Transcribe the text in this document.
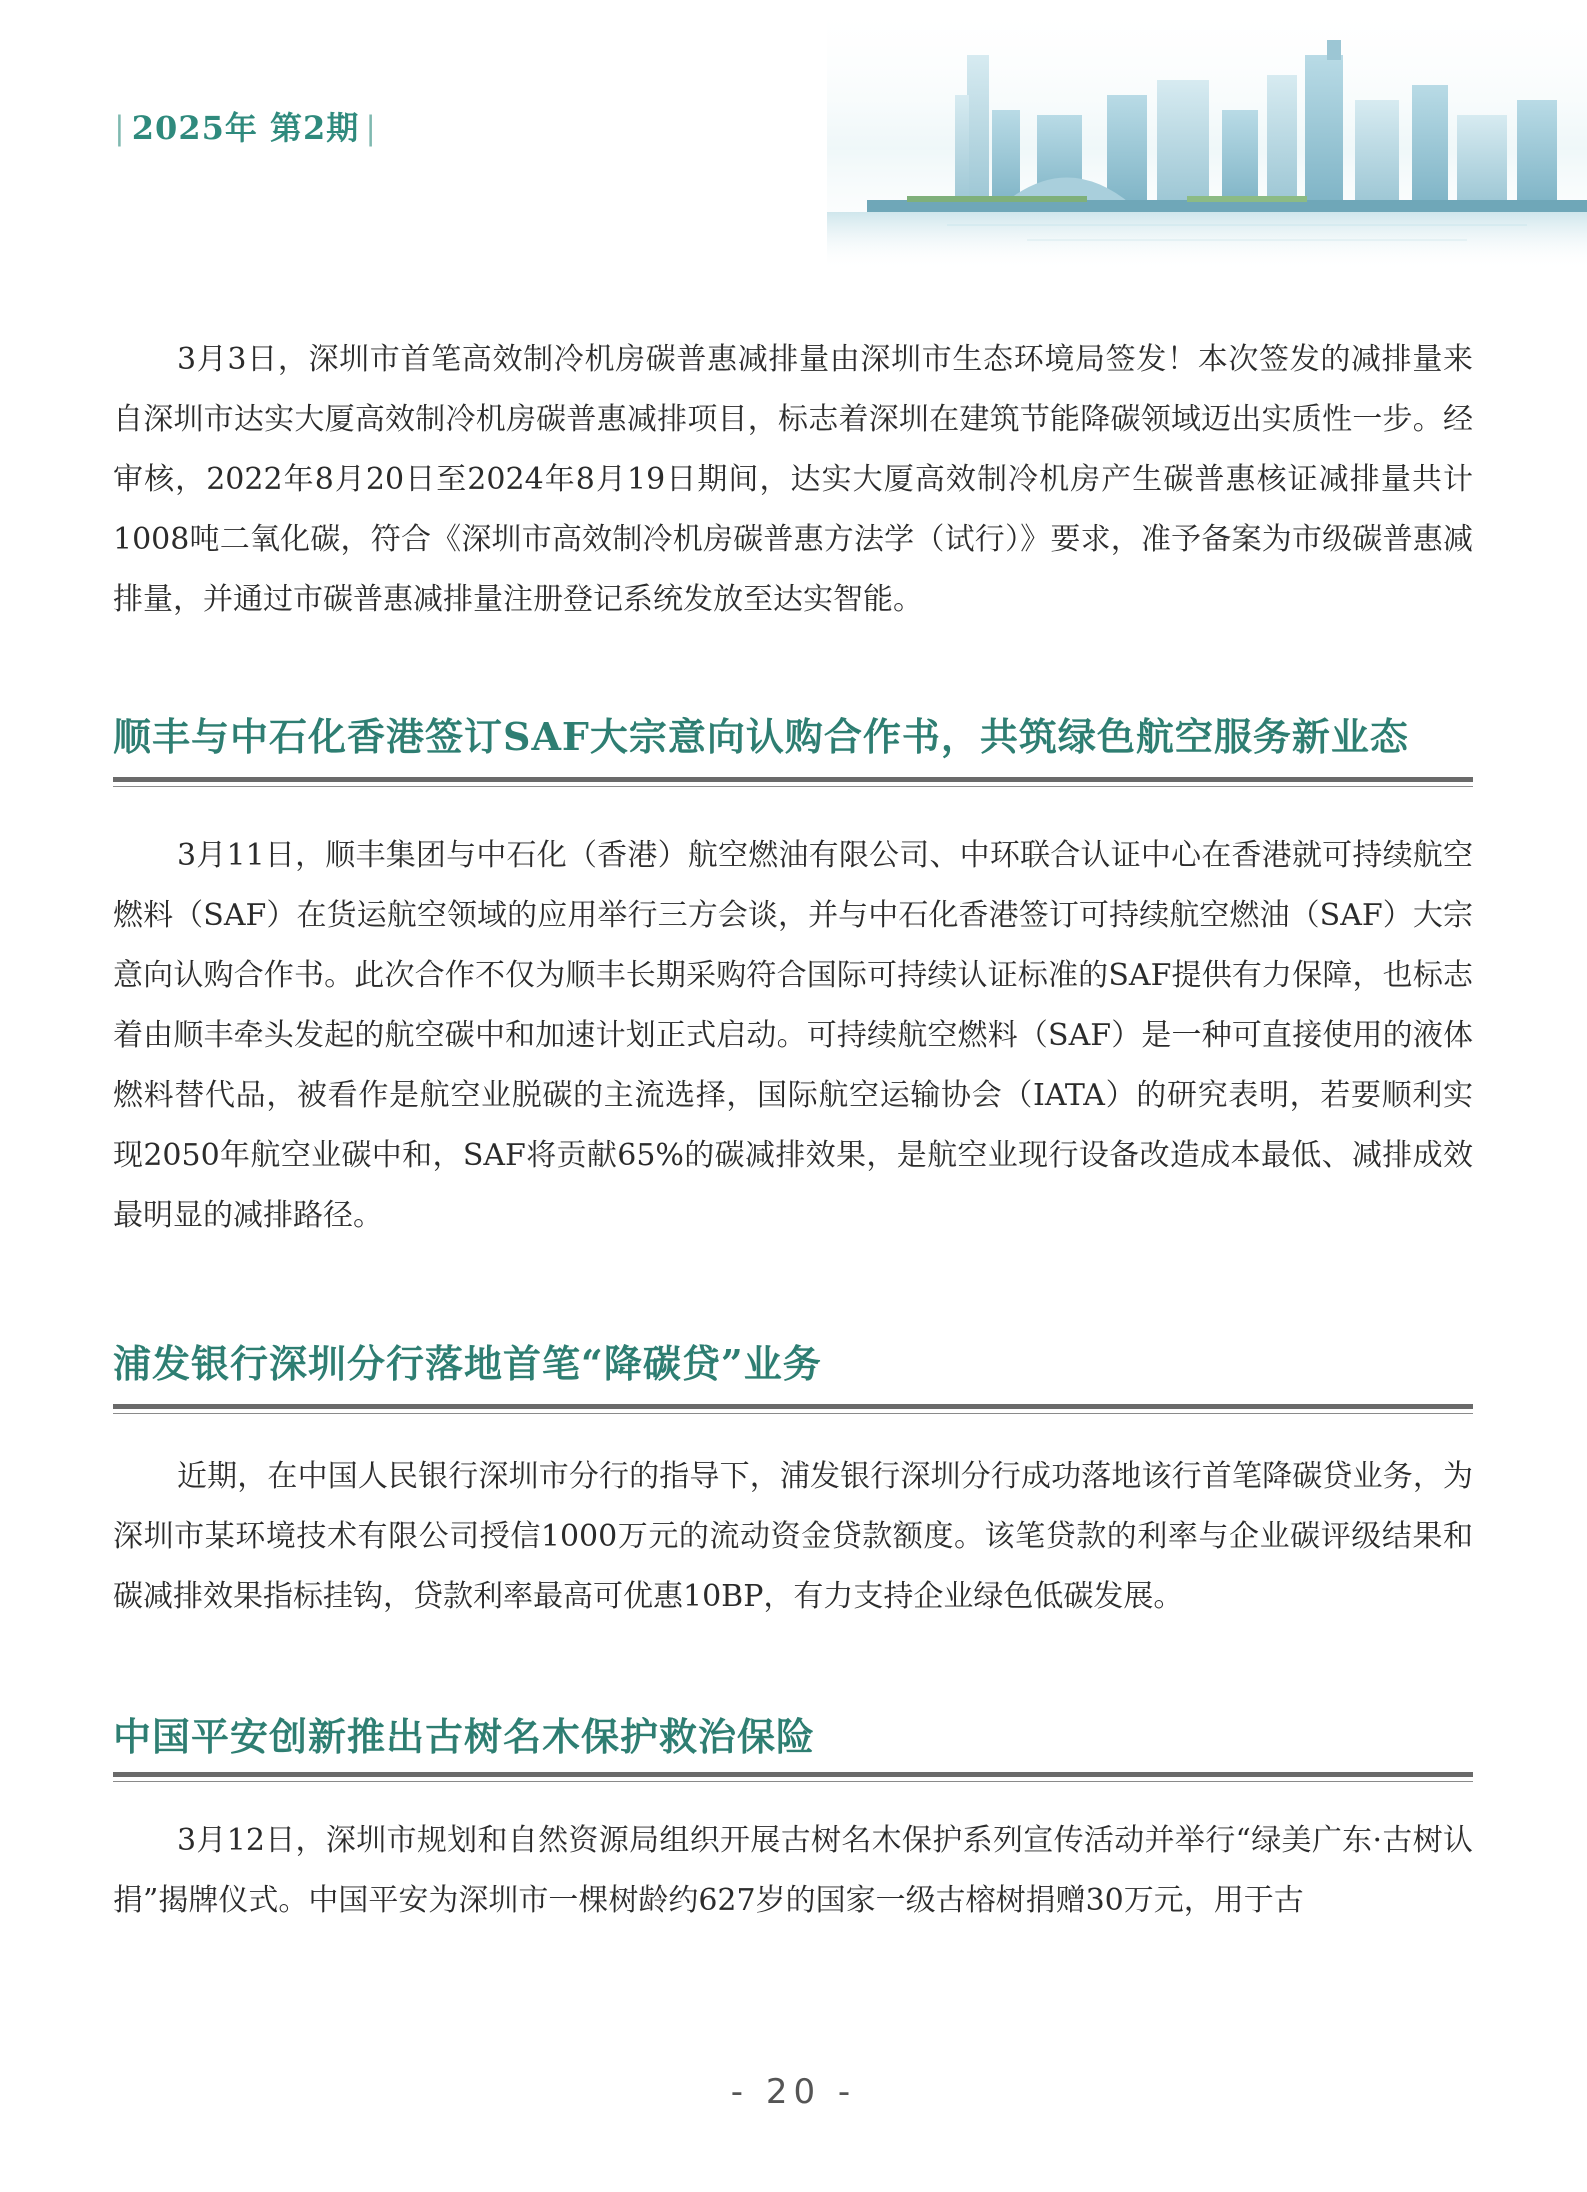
| 2025年 第2期 |

3月3日，深圳市首笔高效制冷机房碳普惠减排量由深圳市生态环境局签发！本次签发的减排量来自深圳市达实大厦高效制冷机房碳普惠减排项目，标志着深圳在建筑节能降碳领域迈出实质性一步。经审核，2022年8月20日至2024年8月19日期间，达实大厦高效制冷机房产生碳普惠核证减排量共计1008吨二氧化碳，符合《深圳市高效制冷机房碳普惠方法学（试行）》要求，准予备案为市级碳普惠减排量，并通过市碳普惠减排量注册登记系统发放至达实智能。

顺丰与中石化香港签订SAF大宗意向认购合作书，共筑绿色航空服务新业态

3月11日，顺丰集团与中石化（香港）航空燃油有限公司、中环联合认证中心在香港就可持续航空燃料（SAF）在货运航空领域的应用举行三方会谈，并与中石化香港签订可持续航空燃油（SAF）大宗意向认购合作书。此次合作不仅为顺丰长期采购符合国际可持续认证标准的SAF提供有力保障，也标志着由顺丰牵头发起的航空碳中和加速计划正式启动。可持续航空燃料（SAF）是一种可直接使用的液体燃料替代品，被看作是航空业脱碳的主流选择，国际航空运输协会（IATA）的研究表明，若要顺利实现2050年航空业碳中和，SAF将贡献65%的碳减排效果，是航空业现行设备改造成本最低、减排成效最明显的减排路径。

浦发银行深圳分行落地首笔“降碳贷”业务

近期，在中国人民银行深圳市分行的指导下，浦发银行深圳分行成功落地该行首笔降碳贷业务，为深圳市某环境技术有限公司授信1000万元的流动资金贷款额度。该笔贷款的利率与企业碳评级结果和碳减排效果指标挂钩，贷款利率最高可优惠10BP，有力支持企业绿色低碳发展。

中国平安创新推出古树名木保护救治保险

3月12日，深圳市规划和自然资源局组织开展古树名木保护系列宣传活动并举行“绿美广东·古树认捐”揭牌仪式。中国平安为深圳市一棵树龄约627岁的国家一级古榕树捐赠30万元，用于古

- 20 -
